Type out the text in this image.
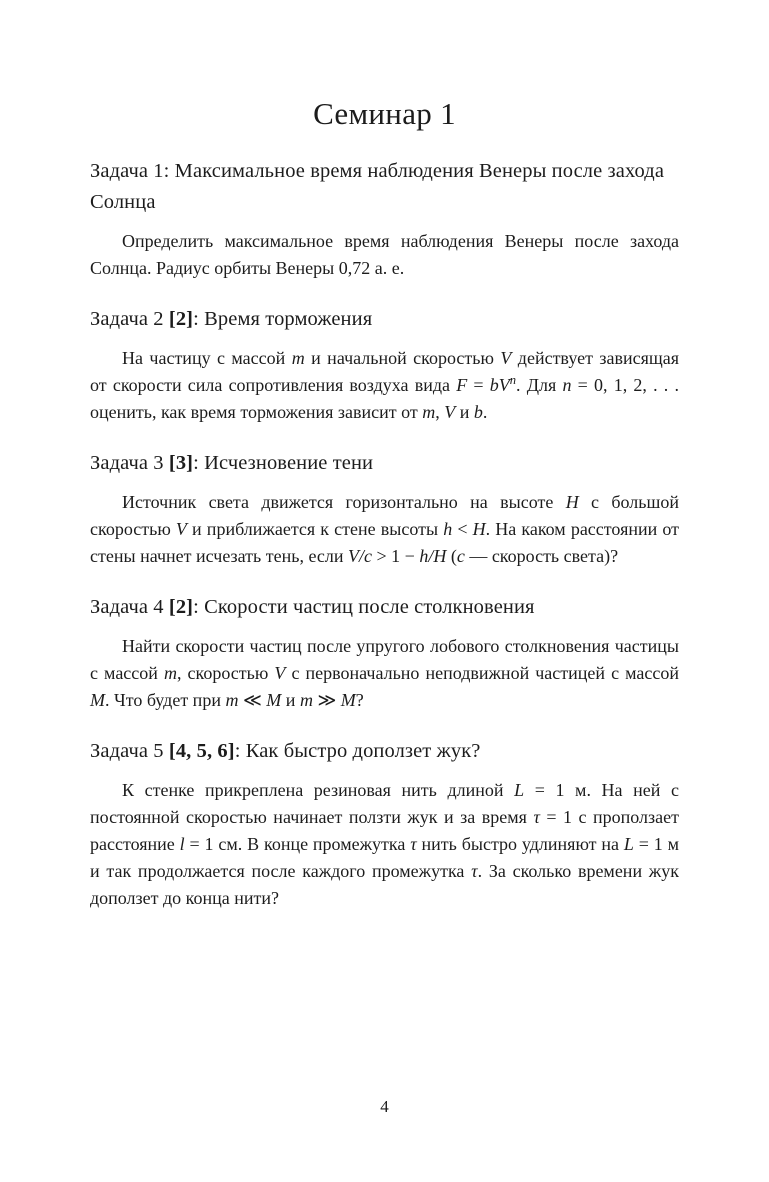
Семинар 1
Задача 1: Максимальное время наблюдения Венеры после захода Солнца

Определить максимальное время наблюдения Венеры после захода Солнца. Радиус орбиты Венеры 0,72 а. е.

Задача 2 [2]: Время торможения

На частицу с массой m и начальной скоростью V действует зависящая от скорости сила сопротивления воздуха вида $F = bV^n$. Для n = 0, 1, 2, . . . оценить, как время торможения зависит от m, V и b.

Задача 3 [3]: Исчезновение тени

Источник света движется горизонтально на высоте H с большой скоростью V и приближается к стене высоты h < H. На каком расстоянии от стены начнет исчезать тень, если V/c > 1 − h/H (c — скорость света)?

Задача 4 [2]: Скорости частиц после столкновения

Найти скорости частиц после упругого лобового столкновения частицы с массой m, скоростью V с первоначально неподвижной частицей с массой M. Что будет при m ≪ M и m ≫ M?

Задача 5 [4, 5, 6]: Как быстро доползет жук?

К стенке прикреплена резиновая нить длиной L = 1 м. На ней с постоянной скоростью начинает ползти жук и за время τ = 1 с проползает расстояние l = 1 см. В конце промежутка τ нить быстро удлиняют на L = 1 м и так продолжается после каждого промежутка τ. За сколько времени жук доползет до конца нити?

4
